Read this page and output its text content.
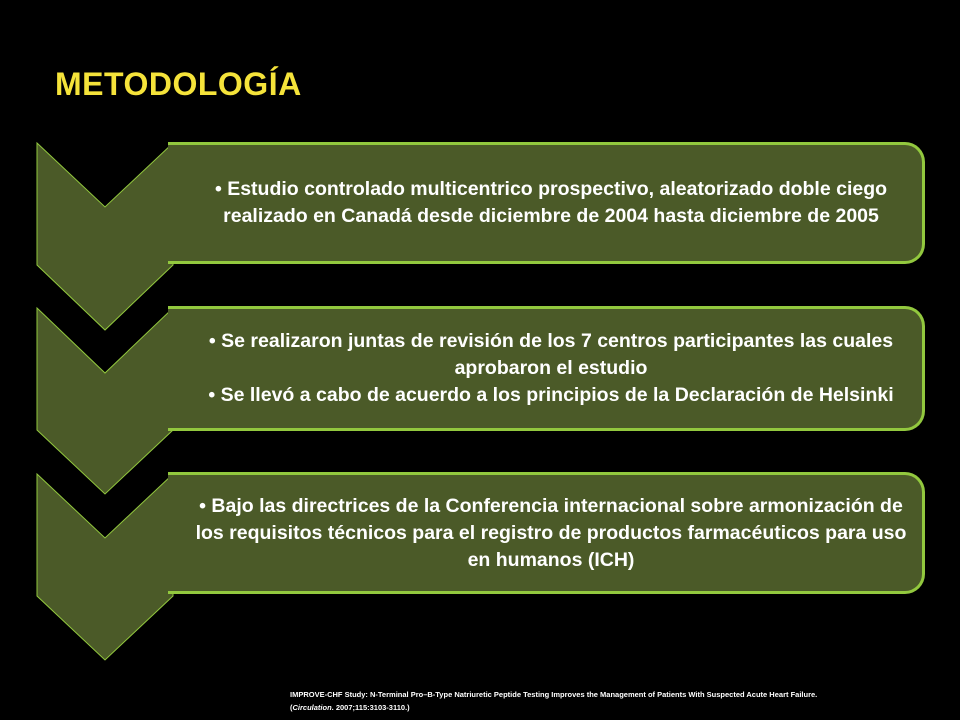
METODOLOGÍA

• Estudio controlado multicentrico prospectivo, aleatorizado doble ciego realizado en Canadá desde diciembre de 2004 hasta diciembre de 2005

• Se realizaron juntas de revisión de los 7 centros participantes las cuales aprobaron el estudio

• Se llevó a cabo de acuerdo a los principios de la Declaración de Helsinki

• Bajo las directrices de la Conferencia internacional sobre armonización de los requisitos técnicos para el registro de productos farmacéuticos para uso en humanos (ICH)

IMPROVE-CHF Study: N-Terminal Pro–B-Type Natriuretic Peptide Testing Improves the Management of Patients With Suspected Acute Heart Failure.
(Circulation. 2007;115:3103-3110.)
